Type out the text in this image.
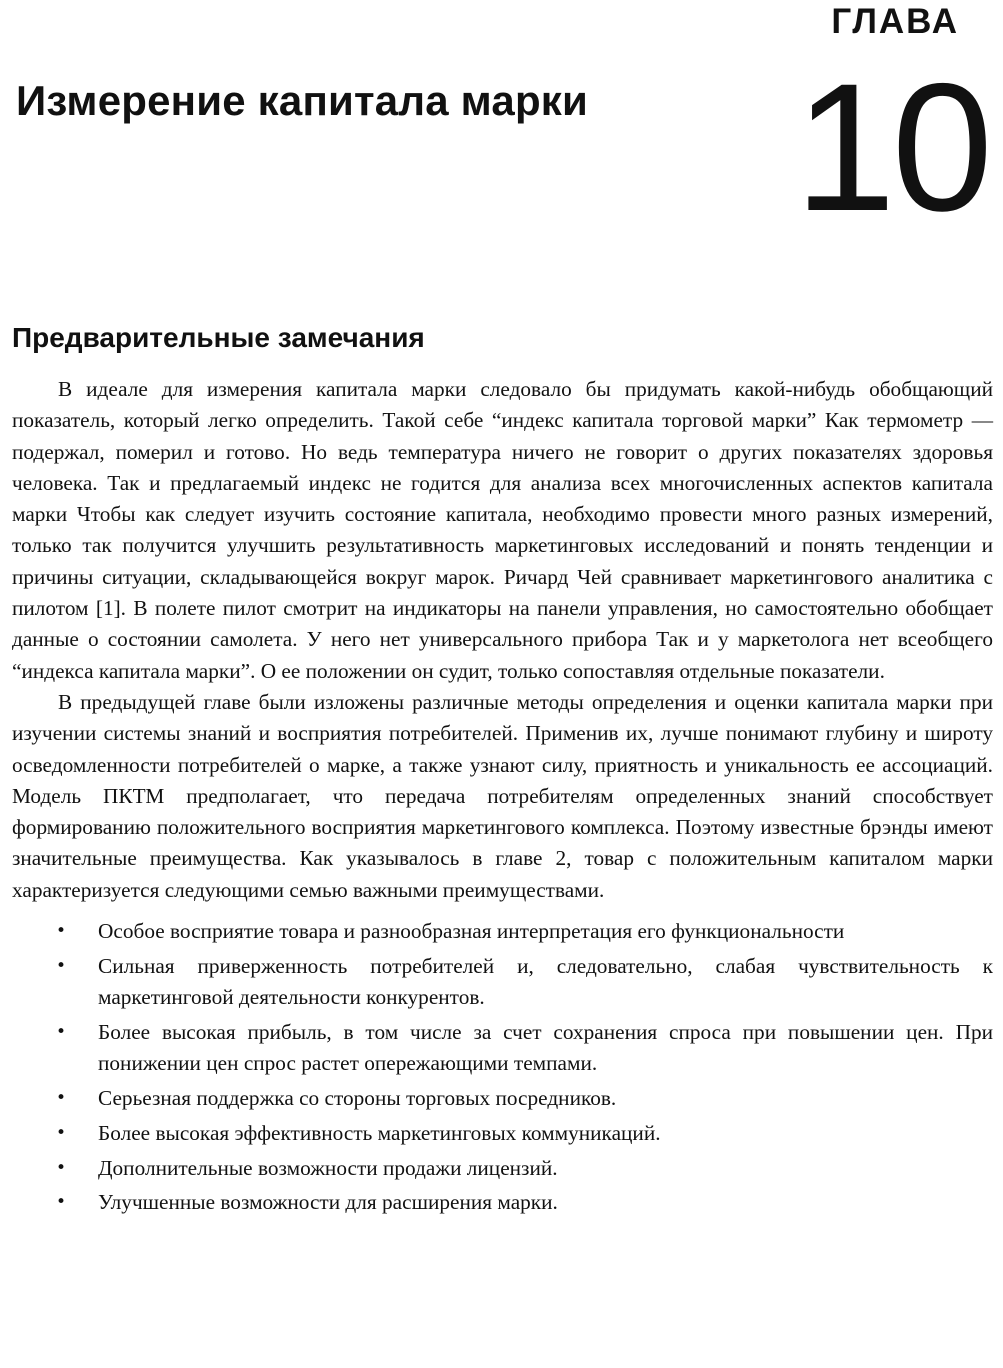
ГЛАВА
10
Измерение капитала марки
Предварительные замечания

В идеале для измерения капитала марки следовало бы придумать какой-нибудь обобщающий показатель, который легко определить. Такой себе “индекс капитала торговой марки” Как термометр — подержал, померил и готово. Но ведь температура ничего не говорит о других показателях здоровья человека. Так и предлагаемый индекс не годится для анализа всех многочисленных аспектов капитала марки Чтобы как следует изучить состояние капитала, необходимо провести много разных измерений, только так получится улучшить результативность маркетинговых исследований и понять тенденции и причины ситуации, складывающейся вокруг марок. Ричард Чей сравнивает маркетингового аналитика с пилотом [1]. В полете пилот смотрит на индикаторы на панели управления, но самостоятельно обобщает данные о состоянии самолета. У него нет универсального прибора Так и у маркетолога нет всеобщего “индекса капитала марки”. О ее положении он судит, только сопоставляя отдельные показатели.

В предыдущей главе были изложены различные методы определения и оценки капитала марки при изучении системы знаний и восприятия потребителей. Применив их, лучше понимают глубину и широту осведомленности потребителей о марке, а также узнают силу, приятность и уникальность ее ассоциаций. Модель ПКТМ предполагает, что передача потребителям определенных знаний способствует формированию положительного восприятия маркетингового комплекса. Поэтому известные брэнды имеют значительные преимущества. Как указывалось в главе 2, товар с положительным капиталом марки характеризуется следующими семью важными преимуществами.

•	Особое восприятие товара и разнообразная интерпретация его функциональности
•	Сильная приверженность потребителей и, следовательно, слабая чувствительность к маркетинговой деятельности конкурентов.
•	Более высокая прибыль, в том числе за счет сохранения спроса при повышении цен. При понижении цен спрос растет опережающими темпами.
•	Серьезная поддержка со стороны торговых посредников.
•	Более высокая эффективность маркетинговых коммуникаций.
•	Дополнительные возможности продажи лицензий.
•	Улучшенные возможности для расширения марки.
